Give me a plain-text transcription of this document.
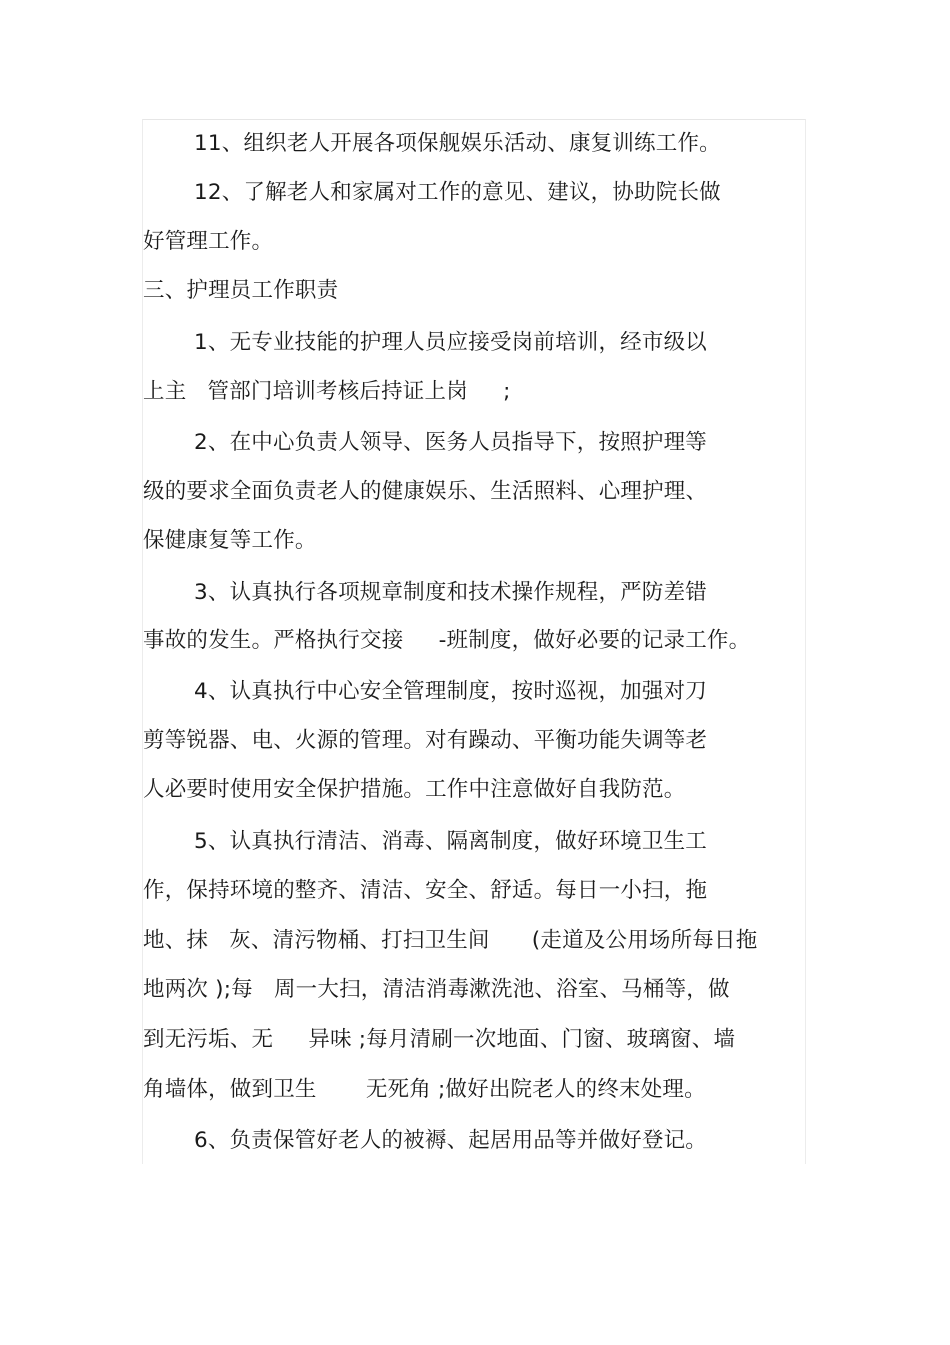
11、组织老人开展各项保舰娱乐活动、康复训练工作。
12、了解老人和家属对工作的意见、建议，协助院长做
好管理工作。
三、护理员工作职责
1、无专业技能的护理人员应接受岗前培训，经市级以
上主   管部门培训考核后持证上岗     ;
2、在中心负责人领导、医务人员指导下，按照护理等
级的要求全面负责老人的健康娱乐、生活照料、心理护理、
保健康复等工作。
3、认真执行各项规章制度和技术操作规程，严防差错
事故的发生。严格执行交接     -班制度，做好必要的记录工作。
4、认真执行中心安全管理制度，按时巡视，加强对刀
剪等锐器、电、火源的管理。对有躁动、平衡功能失调等老
人必要时使用安全保护措施。工作中注意做好自我防范。
5、认真执行清洁、消毒、隔离制度，做好环境卫生工
作，保持环境的整齐、清洁、安全、舒适。每日一小扫，拖
地、抹   灰、清污物桶、打扫卫生间      (走道及公用场所每日拖
地两次 );每   周一大扫，清洁消毒漱洗池、浴室、马桶等，做
到无污垢、无     异味 ;每月清刷一次地面、门窗、玻璃窗、墙
角墙体，做到卫生       无死角 ;做好出院老人的终末处理。
6、负责保管好老人的被褥、起居用品等并做好登记。
